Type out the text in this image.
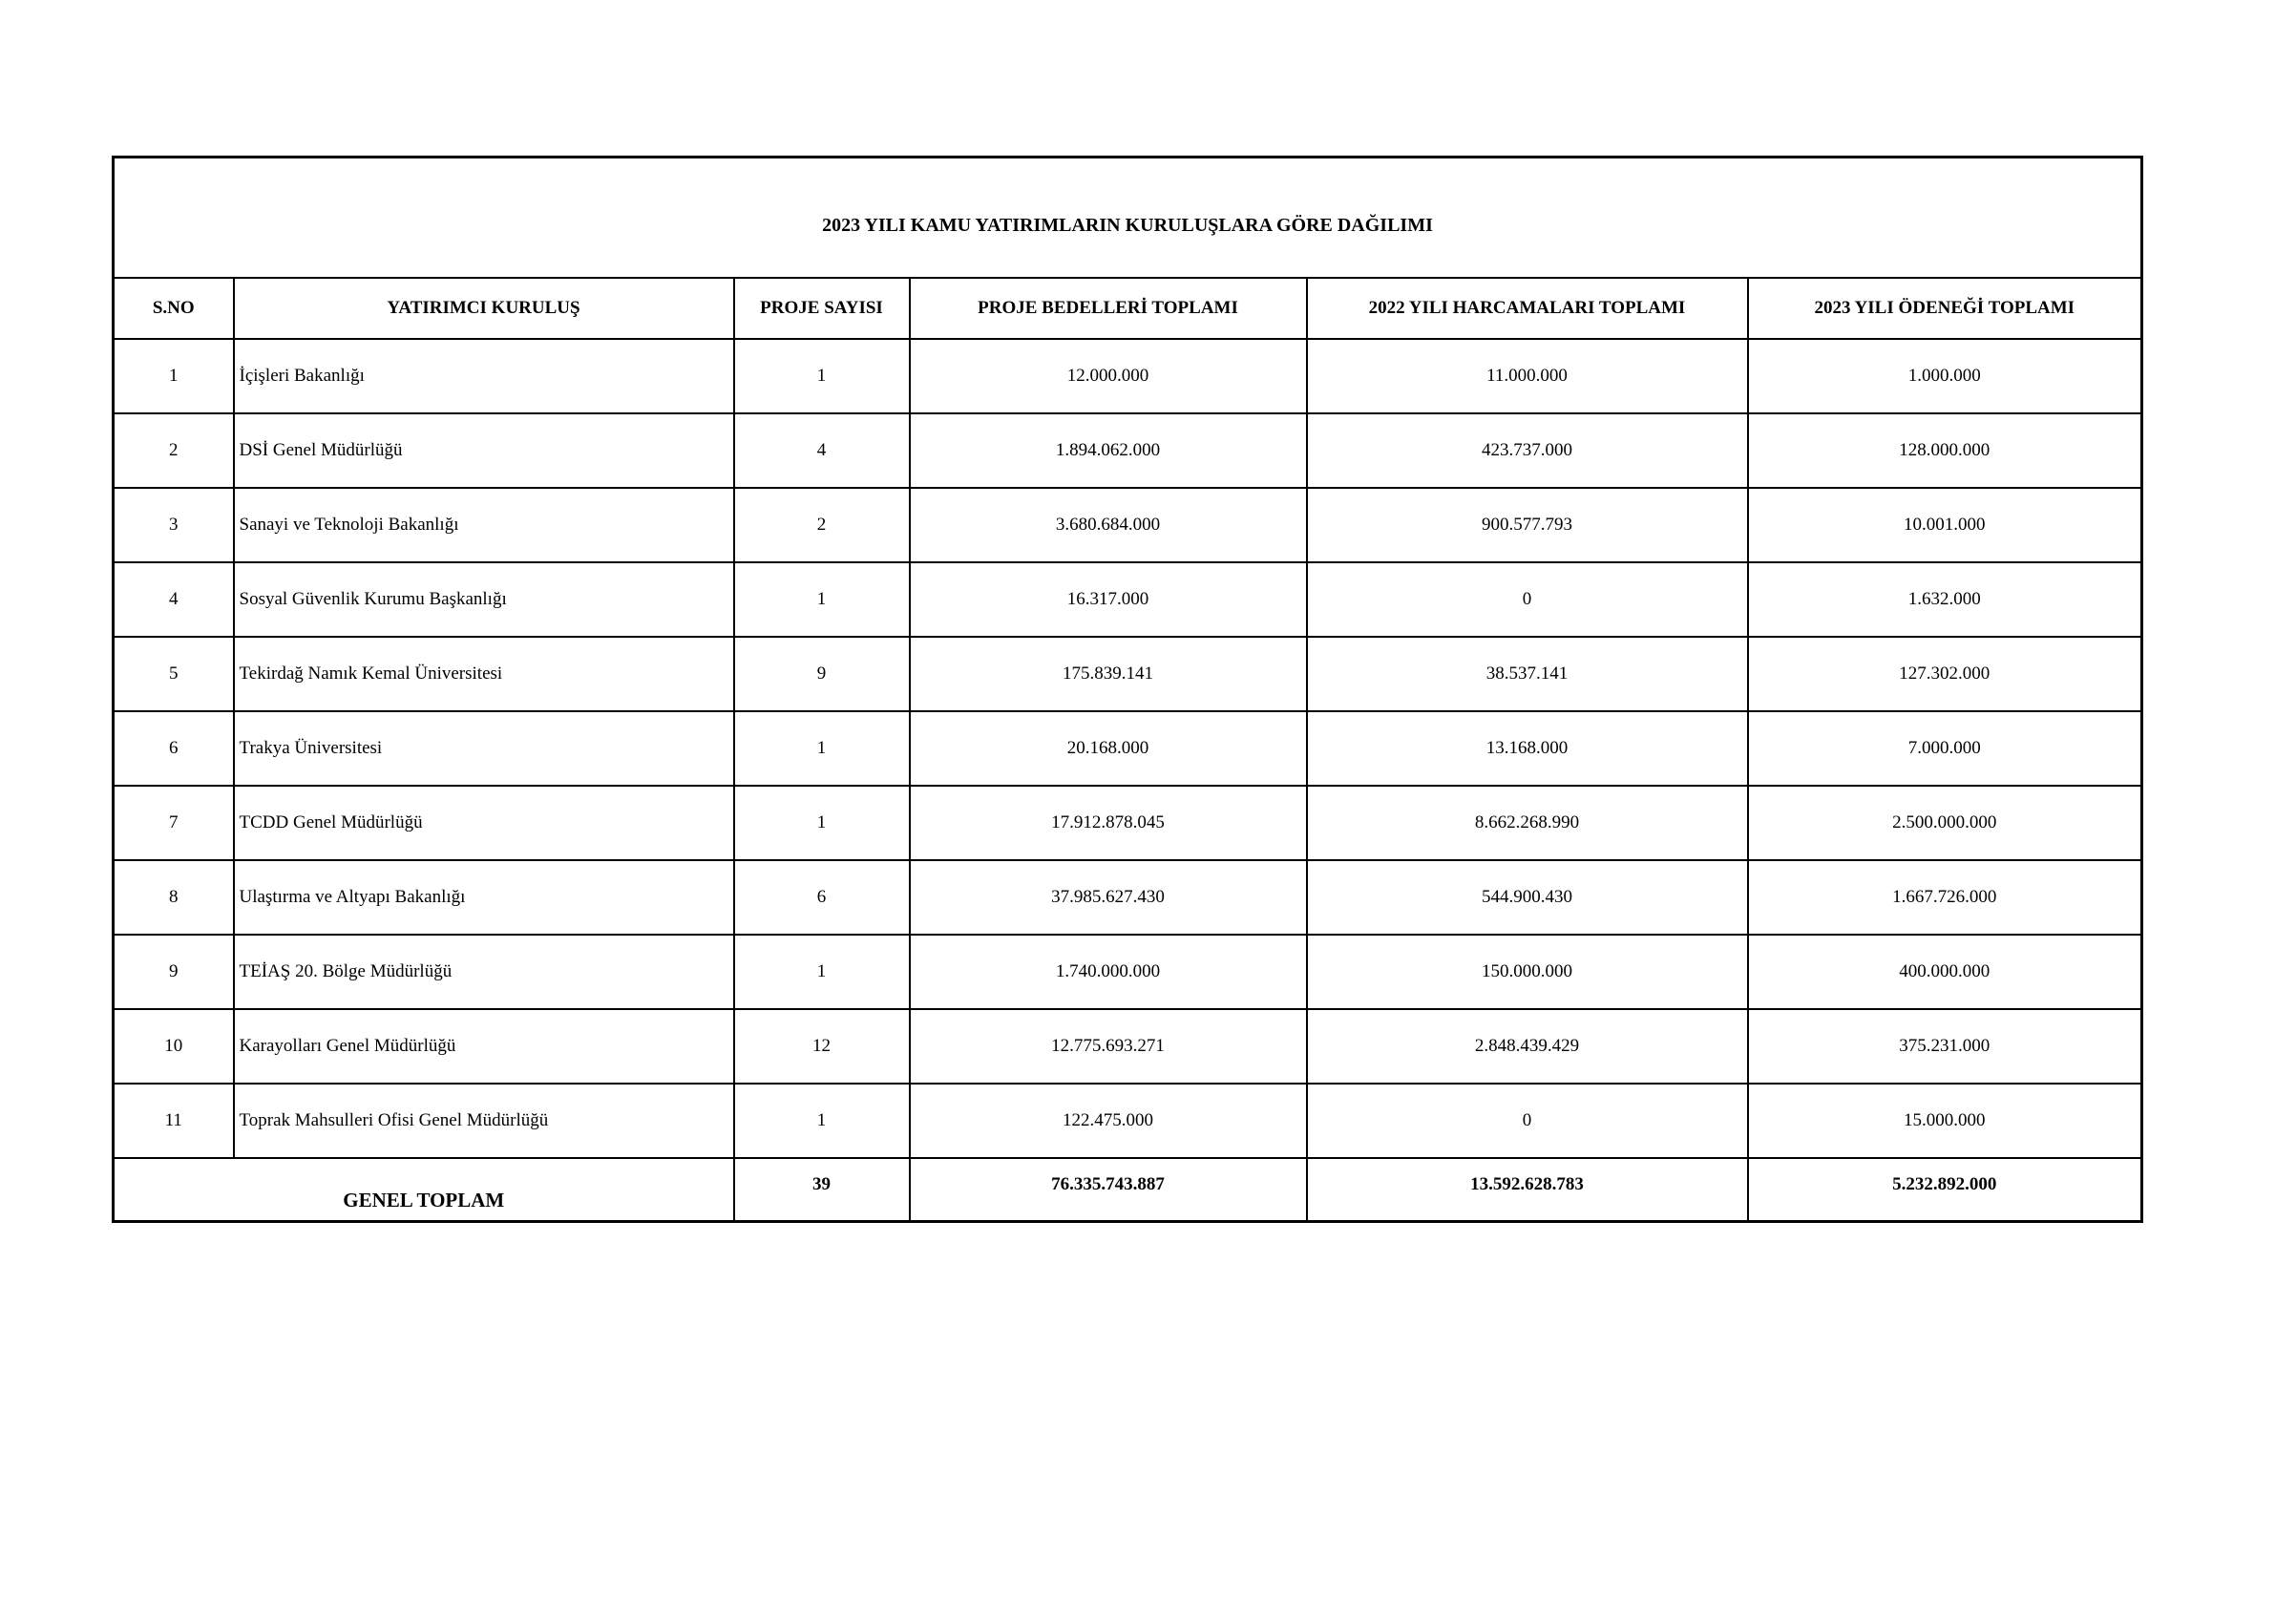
2023 YILI KAMU YATIRIMLARIN KURULUŞLARA GÖRE DAĞILIMI					
S.NO	YATIRIMCI KURULUŞ	PROJE SAYISI	PROJE BEDELLERİ TOPLAMI	2022 YILI HARCAMALARI TOPLAMI	2023 YILI ÖDENEĞİ TOPLAMI
1	İçişleri Bakanlığı	1	12.000.000	11.000.000	1.000.000
2	DSİ Genel Müdürlüğü	4	1.894.062.000	423.737.000	128.000.000
3	Sanayi ve Teknoloji Bakanlığı	2	3.680.684.000	900.577.793	10.001.000
4	Sosyal Güvenlik Kurumu Başkanlığı	1	16.317.000	0	1.632.000
5	Tekirdağ Namık Kemal Üniversitesi	9	175.839.141	38.537.141	127.302.000
6	Trakya Üniversitesi	1	20.168.000	13.168.000	7.000.000
7	TCDD Genel Müdürlüğü	1	17.912.878.045	8.662.268.990	2.500.000.000
8	Ulaştırma ve Altyapı Bakanlığı	6	37.985.627.430	544.900.430	1.667.726.000
9	TEİAŞ 20. Bölge Müdürlüğü	1	1.740.000.000	150.000.000	400.000.000
10	Karayolları Genel Müdürlüğü	12	12.775.693.271	2.848.439.429	375.231.000
11	Toprak Mahsulleri Ofisi Genel Müdürlüğü	1	122.475.000	0	15.000.000
GENEL TOPLAM		39	76.335.743.887	13.592.628.783	5.232.892.000
